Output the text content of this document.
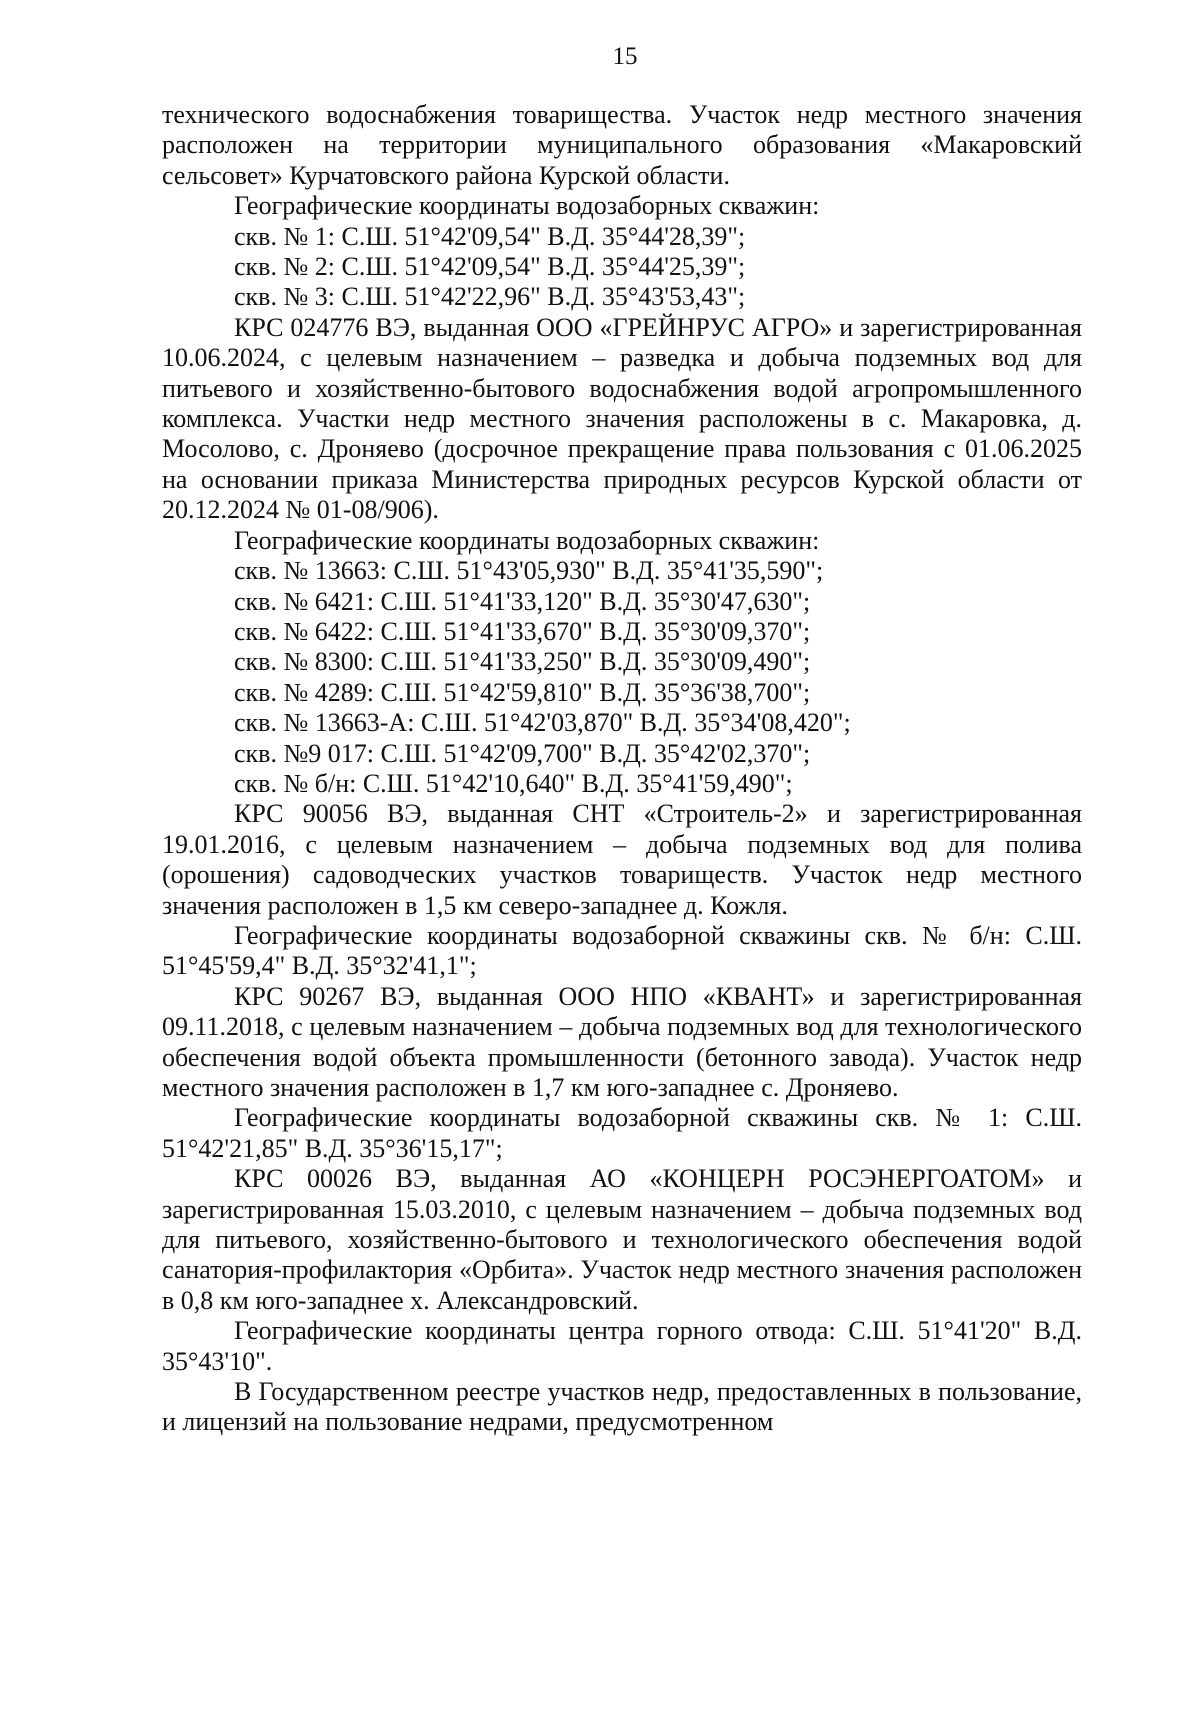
15

технического водоснабжения товарищества. Участок недр местного значения расположен на территории муниципального образования «Макаровский сельсовет» Курчатовского района Курской области.

Географические координаты водозаборных скважин:

скв. № 1: С.Ш. 51°42'09,54" В.Д. 35°44'28,39";

скв. № 2: С.Ш. 51°42'09,54" В.Д. 35°44'25,39";

скв. № 3: С.Ш. 51°42'22,96" В.Д. 35°43'53,43";

КРС 024776 ВЭ, выданная ООО «ГРЕЙНРУС АГРО» и зарегистрированная 10.06.2024, с целевым назначением – разведка и добыча подземных вод для питьевого и хозяйственно-бытового водоснабжения водой агропромышленного комплекса. Участки недр местного значения расположены в с. Макаровка, д. Мосолово, с. Дроняево (досрочное прекращение права пользования с 01.06.2025 на основании приказа Министерства природных ресурсов Курской области от 20.12.2024 № 01-08/906).

Географические координаты водозаборных скважин:

скв. № 13663: С.Ш. 51°43'05,930" В.Д. 35°41'35,590";

скв. № 6421: С.Ш. 51°41'33,120" В.Д. 35°30'47,630";

скв. № 6422: С.Ш. 51°41'33,670" В.Д. 35°30'09,370";

скв. № 8300: С.Ш. 51°41'33,250" В.Д. 35°30'09,490";

скв. № 4289: С.Ш. 51°42'59,810" В.Д. 35°36'38,700";

скв. № 13663-А: С.Ш. 51°42'03,870" В.Д. 35°34'08,420";

скв. №9 017: С.Ш. 51°42'09,700" В.Д. 35°42'02,370";

скв. № б/н: С.Ш. 51°42'10,640" В.Д. 35°41'59,490";

КРС 90056 ВЭ, выданная СНТ «Строитель-2» и зарегистрированная 19.01.2016, с целевым назначением – добыча подземных вод для полива (орошения) садоводческих участков товариществ. Участок недр местного значения расположен в 1,5 км северо-западнее д. Кожля.

Географические координаты водозаборной скважины скв. № б/н: С.Ш. 51°45'59,4" В.Д. 35°32'41,1";

КРС 90267 ВЭ, выданная ООО НПО «КВАНТ» и зарегистрированная 09.11.2018, с целевым назначением – добыча подземных вод для технологического обеспечения водой объекта промышленности (бетонного завода). Участок недр местного значения расположен в 1,7 км юго-западнее с. Дроняево.

Географические координаты водозаборной скважины скв. № 1: С.Ш. 51°42'21,85" В.Д. 35°36'15,17";

КРС 00026 ВЭ, выданная АО «КОНЦЕРН РОСЭНЕРГОАТОМ» и зарегистрированная 15.03.2010, с целевым назначением – добыча подземных вод для питьевого, хозяйственно-бытового и технологического обеспечения водой санатория-профилактория «Орбита». Участок недр местного значения расположен в 0,8 км юго-западнее х. Александровский.

Географические координаты центра горного отвода: С.Ш. 51°41'20" В.Д. 35°43'10".

В Государственном реестре участков недр, предоставленных в пользование, и лицензий на пользование недрами, предусмотренном
